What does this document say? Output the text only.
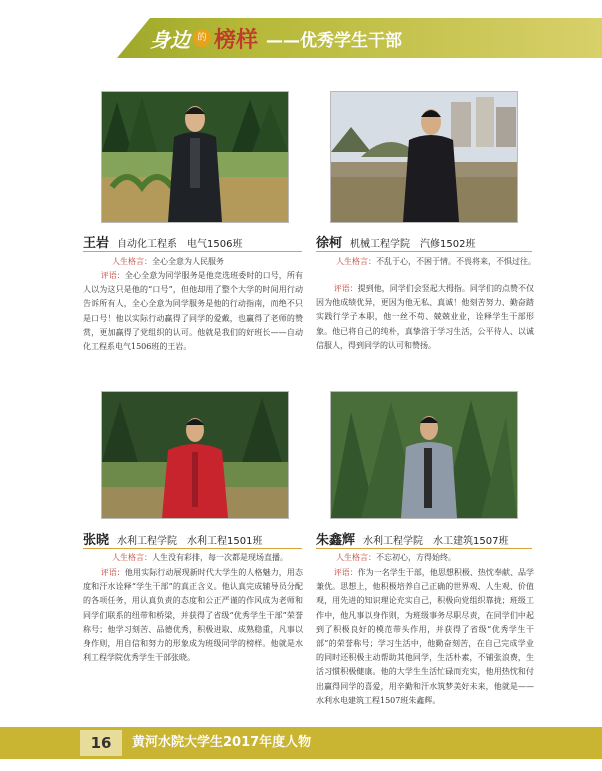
身边 的 榜样 ——优秀学生干部
王岩 自动化工程系　电气1506班	徐柯 机械工程学院　汽修1502班
人生格言：全心全意为人民服务

评语：全心全意为同学服务是他竞选班委时的口号，所有人以为这只是他的“口号”，但他却用了整个大学的时间用行动告诉所有人，全心全意为同学服务是他的行动指南，而绝不只是口号！他以实际行动赢得了同学的爱戴，也赢得了老师的赞赏，更加赢得了党组织的认可。他就是我们的好班长——自动化工程系电气1506班的王岩。

人生格言：不乱于心，不困于情。不畏将来，不惧过往。

评语：提到他，同学们会竖起大拇指。同学们的点赞不仅因为他成绩优异，更因为他无私、真诚！他刻苦努力、勤奋踏实践行学子本职，他一丝不苟、兢兢业业，诠释学生干部形象。他已将自己的纯朴，真挚溶于学习生活，公平待人、以诚信服人，得到同学的认可和赞扬。

张晓 水利工程学院　水利工程1501班	朱鑫辉 水利工程学院　水工建筑1507班
人生格言：人生没有彩排，每一次都是现场直播。

评语：他用实际行动展现新时代大学生的人格魅力，用态度和汗水诠释“学生干部”的真正含义。他认真完成辅导员分配的各项任务，用认真负责的态度和公正严谨的作风成为老师和同学们联系的纽带和桥梁，并获得了省级“优秀学生干部”荣誉称号；他学习刻苦、品德优秀，积极进取、成熟稳重，凡事以身作则，用自信和努力的形象成为班级同学的榜样。他就是水利工程学院优秀学生干部张晓。

人生格言：不忘初心，方得始终。

评语：作为一名学生干部，他思想积极、热忱奉献、品学兼优。思想上，他积极培养自己正确的世界观、人生观、价值观，用先进的知识理论充实自己，积极向党组织靠拢；班级工作中，他凡事以身作则，为班级事务尽职尽责，在同学们中起到了积极良好的模范带头作用，并获得了省级“优秀学生干部”的荣誉称号；学习生活中，他勤奋刻苦，在自己完成学业的同时还积极主动帮助其他同学，生活朴素，不铺张浪费，生活习惯积极健康。他的大学生生活忙碌而充实，他用热忱和付出赢得同学的喜爱，用辛勤和汗水筑梦美好未来，他就是——水利水电建筑工程1507班朱鑫辉。

16	黄河水院大学生2017年度人物
